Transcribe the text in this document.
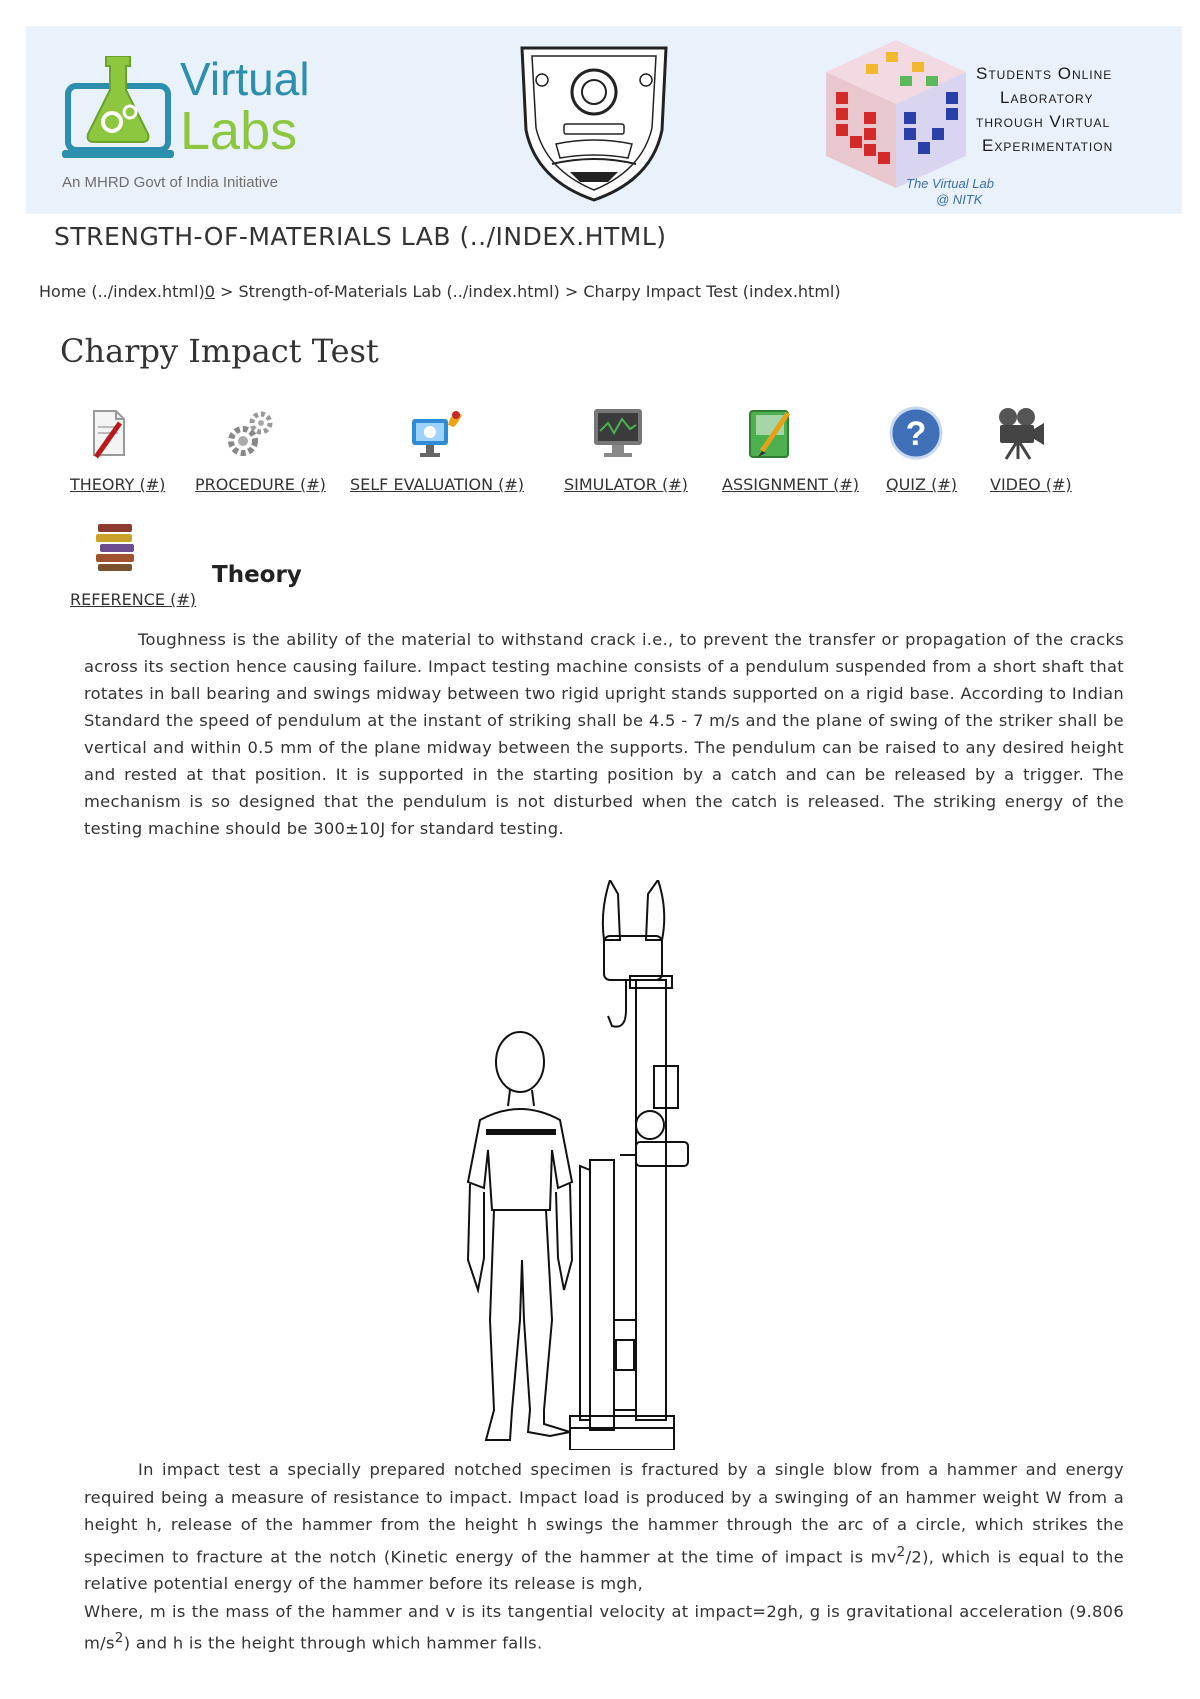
Virtual
Labs
An MHRD Govt of India Initiative
Students Online
Laboratory
through Virtual
Experimentation
The Virtual Lab
@ NITK
STRENGTH-OF-MATERIALS LAB (../INDEX.HTML)
Home (../index.html)0 > Strength-of-Materials Lab (../index.html) > Charpy Impact Test (index.html)
Charpy Impact Test
THEORY (#) PROCEDURE (#) SELF EVALUATION (#) SIMULATOR (#) ASSIGNMENT (#)
?
QUIZ (#) VIDEO (#)
REFERENCE (#)
Theory
Toughness is the ability of the material to withstand crack i.e., to prevent the transfer or propagation of the cracks across its section hence causing failure. Impact testing machine consists of a pendulum suspended from a short shaft that rotates in ball bearing and swings midway between two rigid upright stands supported on a rigid base. According to Indian Standard the speed of pendulum at the instant of striking shall be 4.5 - 7 m/s and the plane of swing of the striker shall be vertical and within 0.5 mm of the plane midway between the supports. The pendulum can be raised to any desired height and rested at that position. It is supported in the starting position by a catch and can be released by a trigger. The mechanism is so designed that the pendulum is not disturbed when the catch is released. The striking energy of the testing machine should be 300±10J for standard testing.
In impact test a specially prepared notched specimen is fractured by a single blow from a hammer and energy required being a measure of resistance to impact. Impact load is produced by a swinging of an hammer weight W from a height h, release of the hammer from the height h swings the hammer through the arc of a circle, which strikes the specimen to fracture at the notch (Kinetic energy of the hammer at the time of impact is $mv^2/2$), which is equal to the relative potential energy of the hammer before its release is mgh,
Where, m is the mass of the hammer and v is its tangential velocity at impact=2gh, g is gravitational acceleration (9.806 $m/s^2$) and h is the height through which hammer falls.
